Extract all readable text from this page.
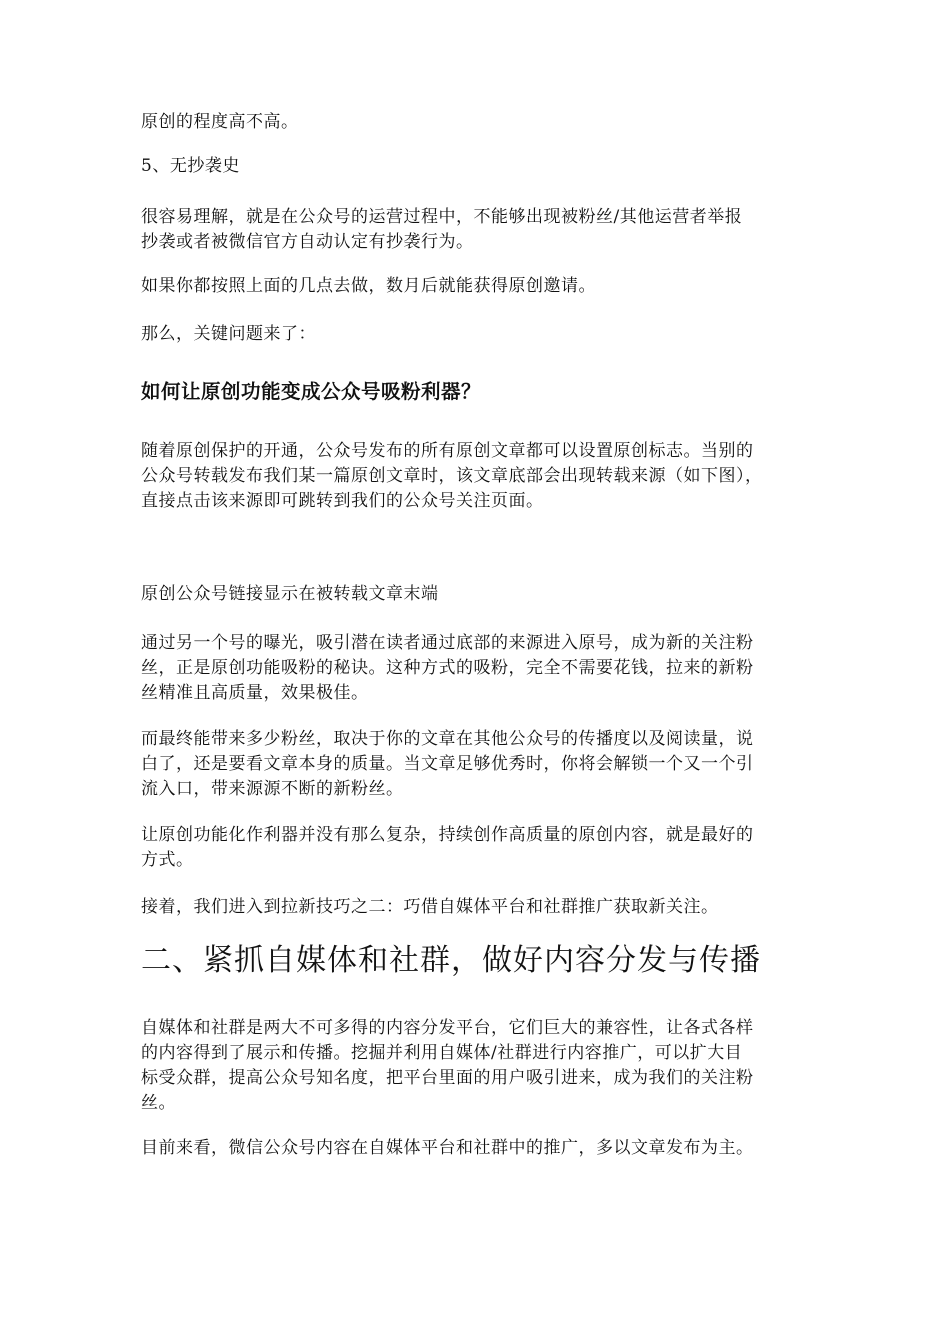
原创的程度高不高。

5、无抄袭史

很容易理解，就是在公众号的运营过程中，不能够出现被粉丝/其他运营者举报
抄袭或者被微信官方自动认定有抄袭行为。

如果你都按照上面的几点去做，数月后就能获得原创邀请。

那么，关键问题来了：

如何让原创功能变成公众号吸粉利器？

随着原创保护的开通，公众号发布的所有原创文章都可以设置原创标志。当别的
公众号转载发布我们某一篇原创文章时，该文章底部会出现转载来源（如下图），
直接点击该来源即可跳转到我们的公众号关注页面。

原创公众号链接显示在被转载文章末端

通过另一个号的曝光，吸引潜在读者通过底部的来源进入原号，成为新的关注粉
丝，正是原创功能吸粉的秘诀。这种方式的吸粉，完全不需要花钱，拉来的新粉
丝精准且高质量，效果极佳。

而最终能带来多少粉丝，取决于你的文章在其他公众号的传播度以及阅读量，说
白了，还是要看文章本身的质量。当文章足够优秀时，你将会解锁一个又一个引
流入口，带来源源不断的新粉丝。

让原创功能化作利器并没有那么复杂，持续创作高质量的原创内容，就是最好的
方式。

接着，我们进入到拉新技巧之二：巧借自媒体平台和社群推广获取新关注。

二、紧抓自媒体和社群，做好内容分发与传播

自媒体和社群是两大不可多得的内容分发平台，它们巨大的兼容性，让各式各样
的内容得到了展示和传播。挖掘并利用自媒体/社群进行内容推广，可以扩大目
标受众群，提高公众号知名度，把平台里面的用户吸引进来，成为我们的关注粉
丝。

目前来看，微信公众号内容在自媒体平台和社群中的推广，多以文章发布为主。
